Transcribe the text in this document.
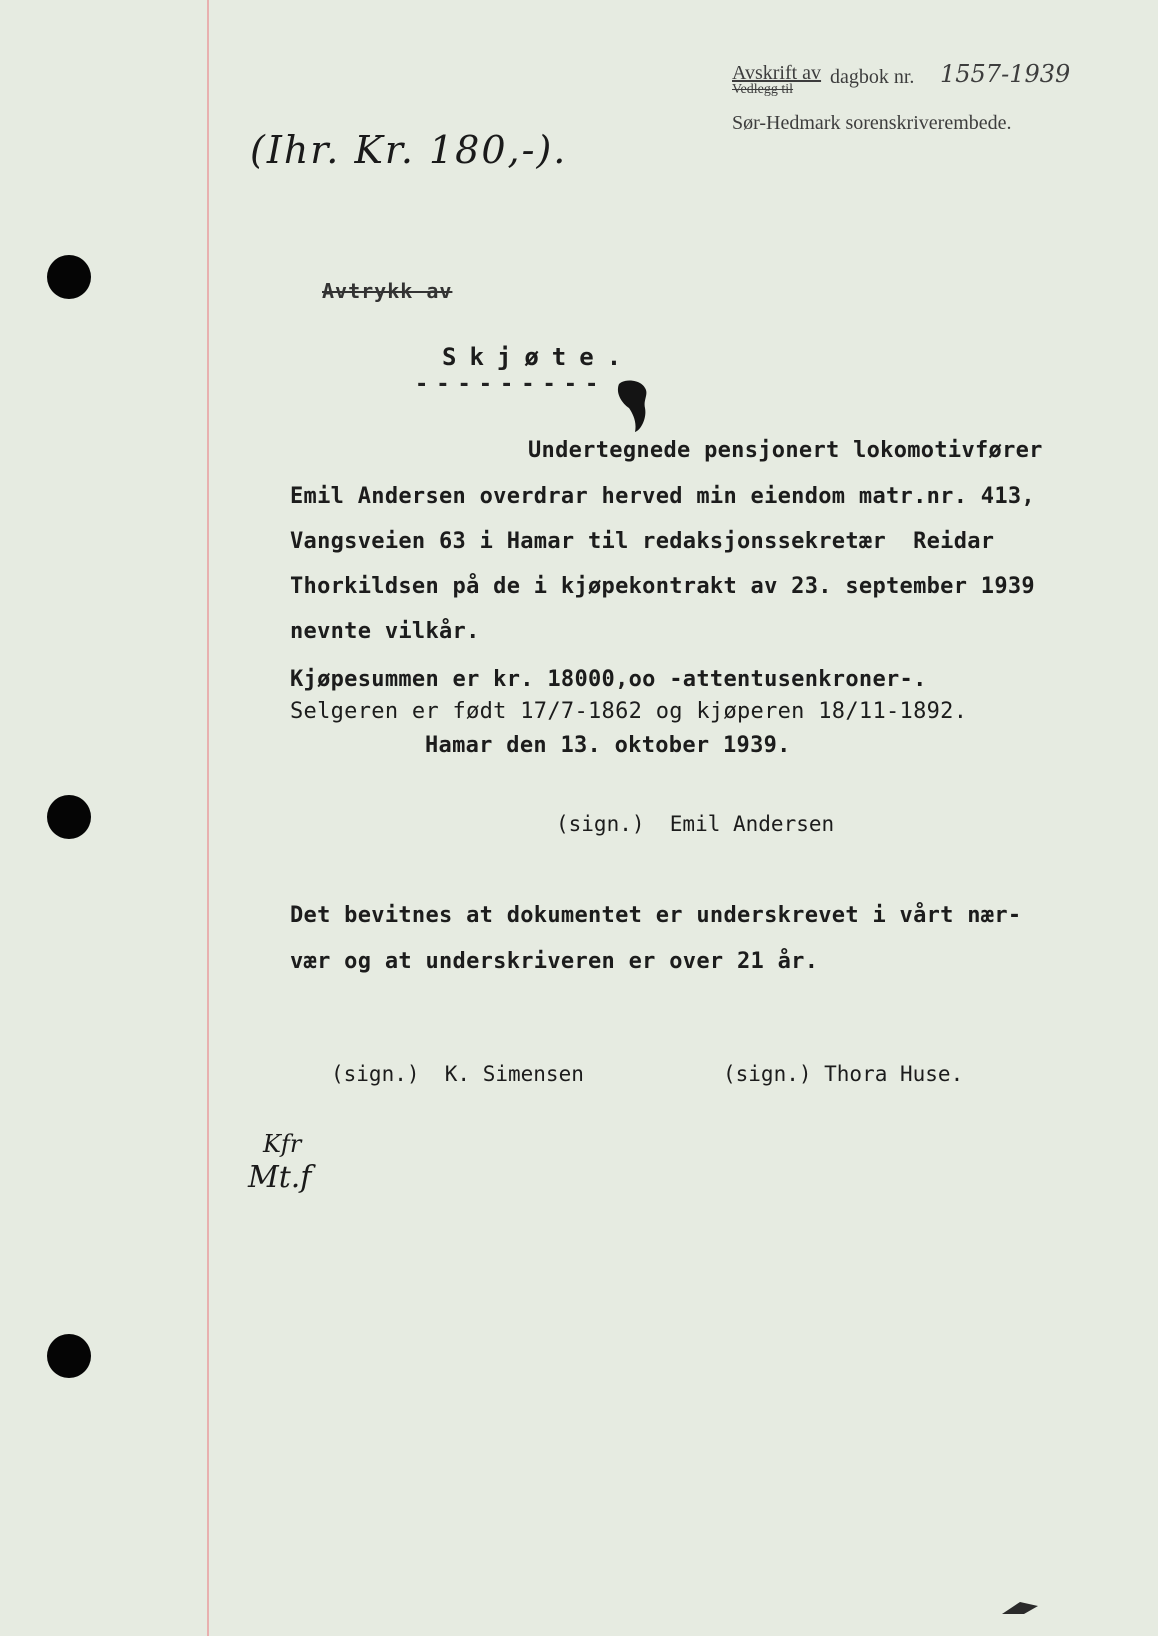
Avskrift av
Vedlegg til
dagbok nr. 1557-1939
Sør-Hedmark sorenskriverembede.
(Ihr. Kr. 180,-).
Avtrykk av
Skjøte.
---------
Undertegnede pensjonert lokomotivfører
Emil Andersen overdrar herved min eiendom matr.nr. 413,
Vangsveien 63 i Hamar til redaksjonssekretær  Reidar
Thorkildsen på de i kjøpekontrakt av 23. september 1939
nevnte vilkår.
Kjøpesummen er kr. 18000,oo -attentusenkroner-.
Selgeren er født 17/7-1862 og kjøperen 18/11-1892.
Hamar den 13. oktober 1939.
(sign.)  Emil Andersen
Det bevitnes at dokumentet er underskrevet i vårt nær-
vær og at underskriveren er over 21 år.
(sign.)  K. Simensen	(sign.) Thora Huse.
Kfr
Mt.f
